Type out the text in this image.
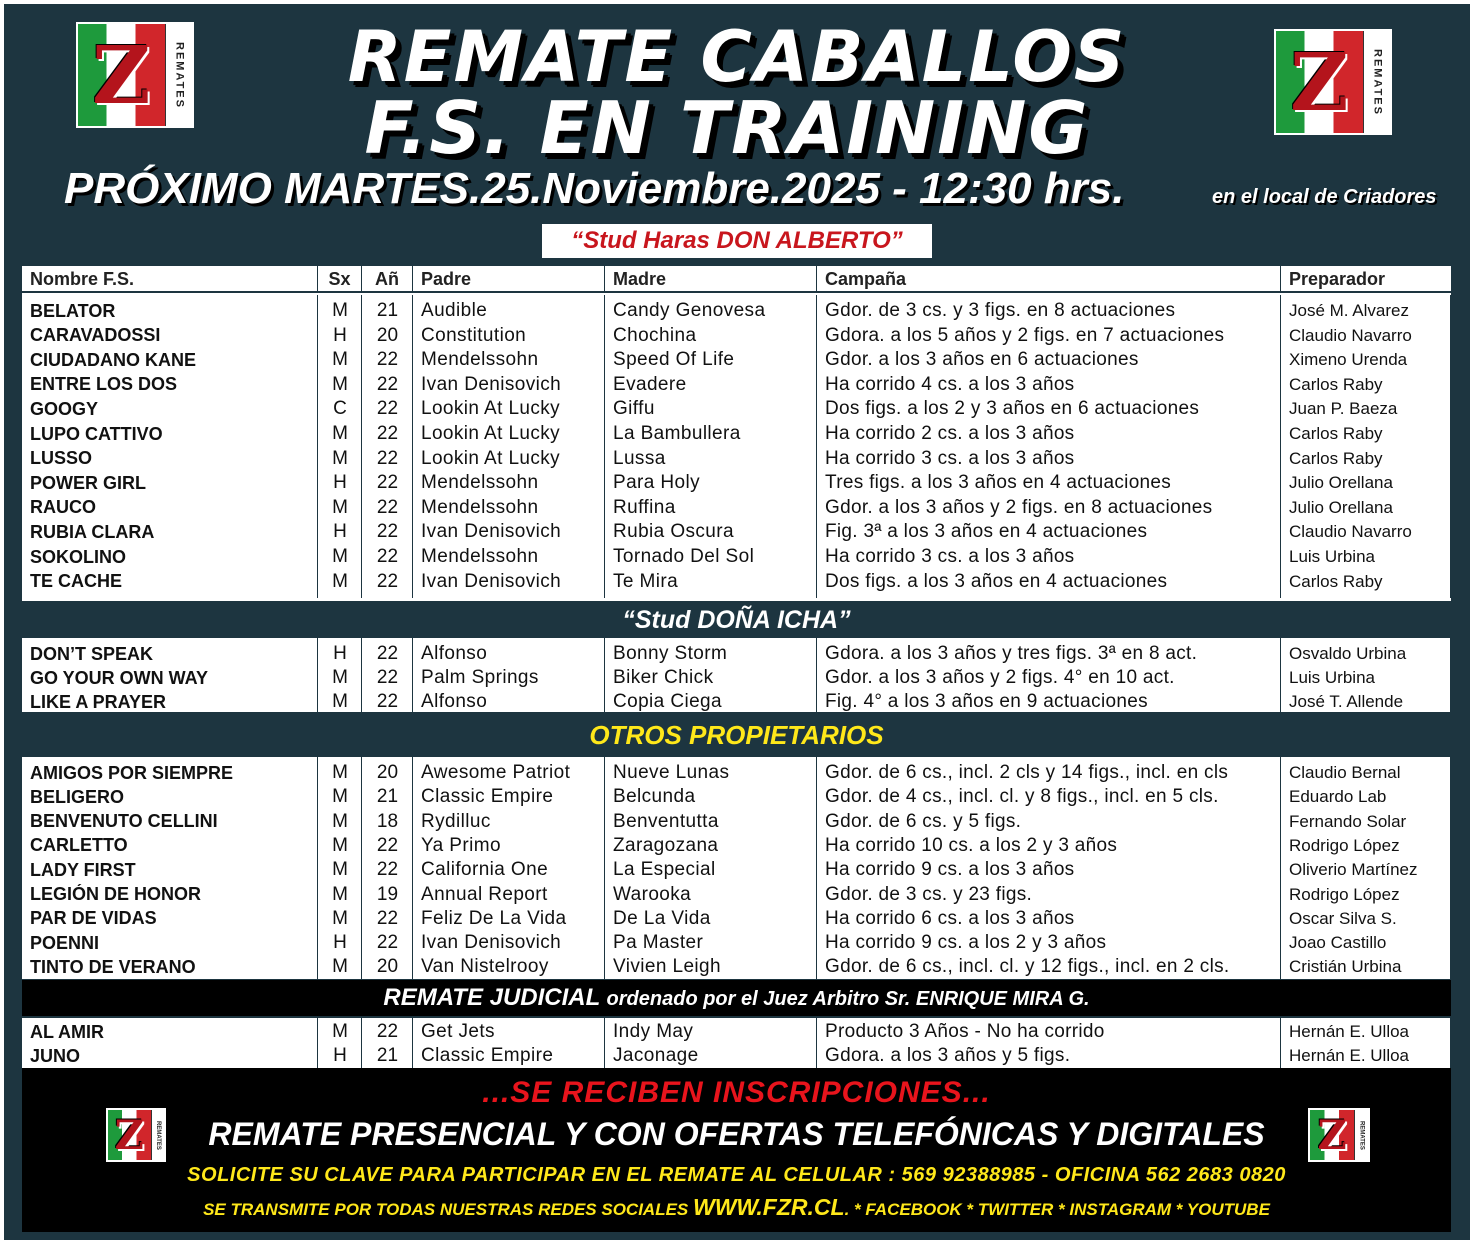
Z	REMATES	Z	REMATES
REMATE CABALLOS
F.S. EN TRAINING
PRÓXIMO MARTES.25.Noviembre.2025 - 12:30 hrs.	en el local de Criadores
“Stud Haras DON ALBERTO”
Nombre F.S.	Sx	Añ	Padre	Madre	Campaña	Preparador
BELATOR	M	21	Audible	Candy Genovesa	Gdor. de 3 cs. y 3 figs. en 8 actuaciones	José M. Alvarez
CARAVADOSSI	H	20	Constitution	Chochina	Gdora. a los 5 años y 2 figs. en 7 actuaciones	Claudio Navarro
CIUDADANO KANE	M	22	Mendelssohn	Speed Of Life	Gdor. a los 3 años en 6 actuaciones	Ximeno Urenda
ENTRE LOS DOS	M	22	Ivan Denisovich	Evadere	Ha corrido 4 cs. a los 3 años	Carlos Raby
GOOGY	C	22	Lookin At Lucky	Giffu	Dos figs. a los 2 y 3 años en 6 actuaciones	Juan P. Baeza
LUPO CATTIVO	M	22	Lookin At Lucky	La Bambullera	Ha corrido 2 cs. a los 3 años	Carlos Raby
LUSSO	M	22	Lookin At Lucky	Lussa	Ha corrido 3 cs. a los 3 años	Carlos Raby
POWER GIRL	H	22	Mendelssohn	Para Holy	Tres figs. a los 3 años en 4 actuaciones	Julio Orellana
RAUCO	M	22	Mendelssohn	Ruffina	Gdor. a los 3 años y 2 figs. en 8 actuaciones	Julio Orellana
RUBIA CLARA	H	22	Ivan Denisovich	Rubia Oscura	Fig. 3ª a los 3 años en 4 actuaciones	Claudio Navarro
SOKOLINO	M	22	Mendelssohn	Tornado Del Sol	Ha corrido 3 cs. a los 3 años	Luis Urbina
TE CACHE	M	22	Ivan Denisovich	Te Mira	Dos figs. a los 3 años en 4 actuaciones	Carlos Raby
“Stud DOÑA ICHA”
DON’T SPEAK	H	22	Alfonso	Bonny Storm	Gdora. a los 3 años y tres figs. 3ª en 8 act.	Osvaldo Urbina
GO YOUR OWN WAY	M	22	Palm Springs	Biker Chick	Gdor. a los 3 años y 2 figs. 4° en 10 act.	Luis Urbina
LIKE A PRAYER	M	22	Alfonso	Copia Ciega	Fig. 4° a los 3 años en 9 actuaciones	José T. Allende
OTROS PROPIETARIOS
AMIGOS POR SIEMPRE	M	20	Awesome Patriot	Nueve Lunas	Gdor. de 6 cs., incl. 2 cls y 14 figs., incl. en cls	Claudio Bernal
BELIGERO	M	21	Classic Empire	Belcunda	Gdor. de 4 cs., incl. cl. y 8 figs., incl. en 5 cls.	Eduardo Lab
BENVENUTO CELLINI	M	18	Rydilluc	Benventutta	Gdor. de 6 cs. y 5 figs.	Fernando Solar
CARLETTO	M	22	Ya Primo	Zaragozana	Ha corrido 10 cs. a los 2 y 3 años	Rodrigo López
LADY FIRST	M	22	California One	La Especial	Ha corrido 9 cs. a los 3 años	Oliverio Martínez
LEGIÓN DE HONOR	M	19	Annual Report	Warooka	Gdor. de 3 cs. y 23 figs.	Rodrigo López
PAR DE VIDAS	M	22	Feliz De La Vida	De La Vida	Ha corrido 6 cs. a los 3 años	Oscar Silva S.
POENNI	H	22	Ivan Denisovich	Pa Master	Ha corrido 9 cs. a los 2 y 3 años	Joao Castillo
TINTO DE VERANO	M	20	Van Nistelrooy	Vivien Leigh	Gdor. de 6 cs., incl. cl. y 12 figs., incl. en 2 cls.	Cristián Urbina
REMATE JUDICIAL ordenado por el Juez Arbitro Sr. ENRIQUE MIRA G.
AL AMIR	M	22	Get Jets	Indy May	Producto 3 Años - No ha corrido	Hernán E. Ulloa
JUNO	H	21	Classic Empire	Jaconage	Gdora. a los 3 años y 5 figs.	Hernán E. Ulloa
...SE RECIBEN INSCRIPCIONES...
Z	REMATES	REMATE PRESENCIAL Y CON OFERTAS TELEFÓNICAS Y DIGITALES	Z	REMATES
SOLICITE SU CLAVE PARA PARTICIPAR EN EL REMATE AL CELULAR : 569 92388985 - OFICINA 562 2683 0820
SE TRANSMITE POR TODAS NUESTRAS REDES SOCIALES WWW.FZR.CL. * FACEBOOK * TWITTER * INSTAGRAM * YOUTUBE
